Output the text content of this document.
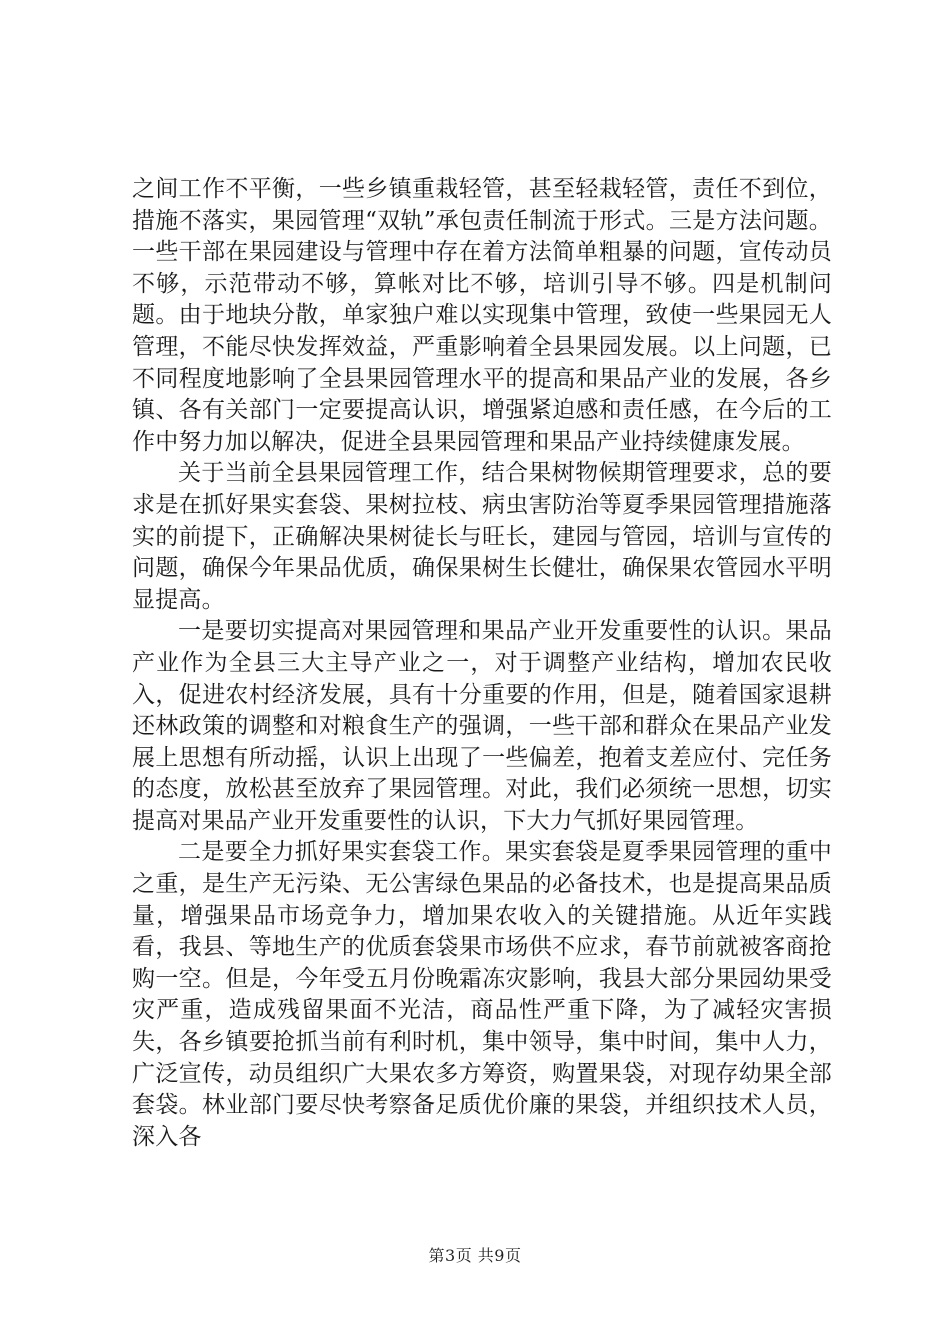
之间工作不平衡，一些乡镇重栽轻管，甚至轻栽轻管，责任不到位，措施不落实，果园管理“双轨”承包责任制流于形式。三是方法问题。一些干部在果园建设与管理中存在着方法简单粗暴的问题，宣传动员不够，示范带动不够，算帐对比不够，培训引导不够。四是机制问题。由于地块分散，单家独户难以实现集中管理，致使一些果园无人管理，不能尽快发挥效益，严重影响着全县果园发展。以上问题，已不同程度地影响了全县果园管理水平的提高和果品产业的发展，各乡镇、各有关部门一定要提高认识，增强紧迫感和责任感，在今后的工作中努力加以解决，促进全县果园管理和果品产业持续健康发展。

关于当前全县果园管理工作，结合果树物候期管理要求，总的要求是在抓好果实套袋、果树拉枝、病虫害防治等夏季果园管理措施落实的前提下，正确解决果树徒长与旺长，建园与管园，培训与宣传的问题，确保今年果品优质，确保果树生长健壮，确保果农管园水平明显提高。

一是要切实提高对果园管理和果品产业开发重要性的认识。果品产业作为全县三大主导产业之一，对于调整产业结构，增加农民收入，促进农村经济发展，具有十分重要的作用，但是，随着国家退耕还林政策的调整和对粮食生产的强调，一些干部和群众在果品产业发展上思想有所动摇，认识上出现了一些偏差，抱着支差应付、完任务的态度，放松甚至放弃了果园管理。对此，我们必须统一思想，切实提高对果品产业开发重要性的认识，下大力气抓好果园管理。

二是要全力抓好果实套袋工作。果实套袋是夏季果园管理的重中之重，是生产无污染、无公害绿色果品的必备技术，也是提高果品质量，增强果品市场竞争力，增加果农收入的关键措施。从近年实践看，我县、等地生产的优质套袋果市场供不应求，春节前就被客商抢购一空。但是，今年受五月份晚霜冻灾影响，我县大部分果园幼果受灾严重，造成残留果面不光洁，商品性严重下降，为了减轻灾害损失，各乡镇要抢抓当前有利时机，集中领导，集中时间，集中人力，广泛宣传，动员组织广大果农多方筹资，购置果袋，对现存幼果全部套袋。林业部门要尽快考察备足质优价廉的果袋，并组织技术人员，深入各

第3页 共9页
